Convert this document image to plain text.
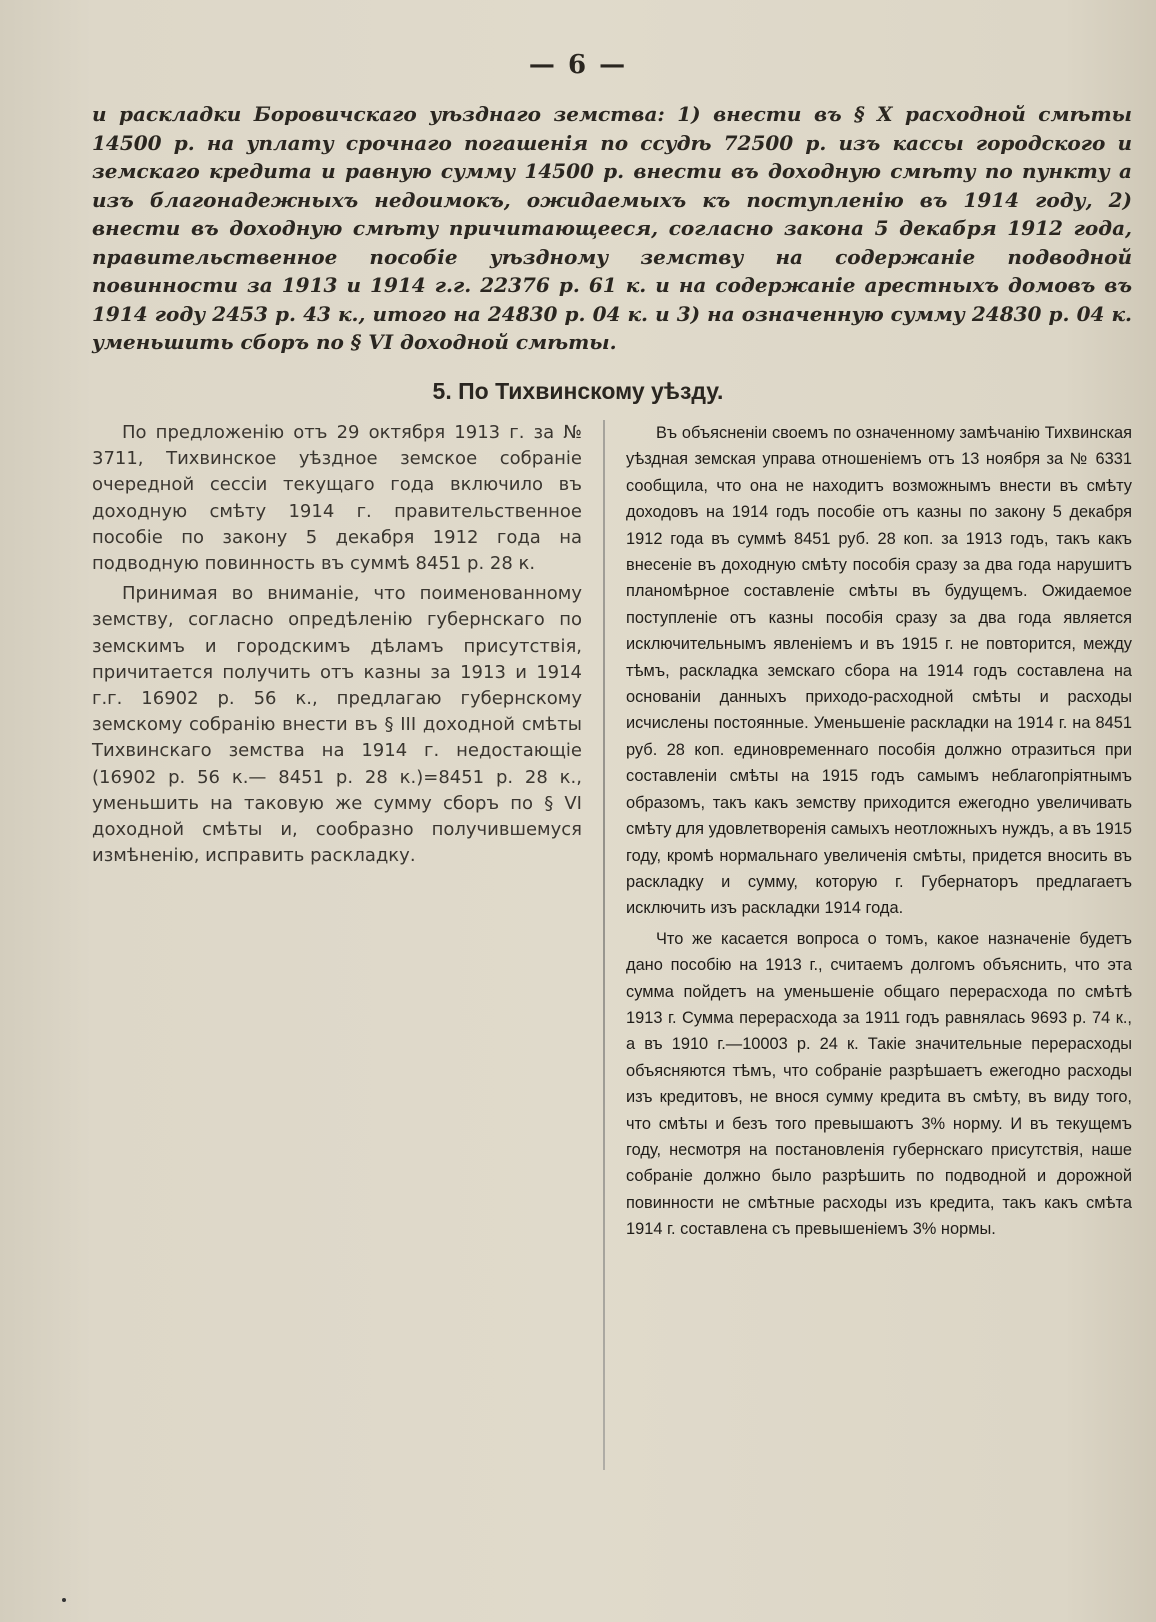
— 6 —

и раскладки Боровичскаго уѣзднаго земства: 1) внести въ § X расходной смѣты 14500 р. на уплату срочнаго погашенія по ссудѣ 72500 р. изъ кассы городского и земскаго кредита и равную сумму 14500 р. внести въ доходную смѣту по пункту а изъ благонадежныхъ недоимокъ, ожидаемыхъ къ поступленію въ 1914 году, 2) внести въ доходную смѣту причитающееся, согласно закона 5 декабря 1912 года, правительственное пособіе уѣздному земству на содержаніе подводной повинности за 1913 и 1914 г.г. 22376 р. 61 к. и на содержаніе арестныхъ домовъ въ 1914 году 2453 р. 43 к., итого на 24830 р. 04 к. и 3) на означенную сумму 24830 р. 04 к. уменьшить сборъ по § VI доходной смѣты.

5. По Тихвинскому уѣзду.

По предложенію отъ 29 октября 1913 г. за № 3711, Тихвинское уѣздное земское собраніе очередной сессіи текущаго года включило въ доходную смѣту 1914 г. правительственное пособіе по закону 5 декабря 1912 года на подводную повинность въ суммѣ 8451 р. 28 к.

Принимая во вниманіе, что поименованному земству, согласно опредѣленію губернскаго по земскимъ и городскимъ дѣламъ присутствія, причитается получить отъ казны за 1913 и 1914 г.г. 16902 р. 56 к., предлагаю губернскому земскому собранію внести въ § III доходной смѣты Тихвинскаго земства на 1914 г. недостающіе (16902 р. 56 к.— 8451 р. 28 к.)=8451 р. 28 к., уменьшить на таковую же сумму сборъ по § VI доходной смѣты и, сообразно получившемуся измѣненію, исправить раскладку.

Въ объясненіи своемъ по означенному замѣчанію Тихвинская уѣздная земская управа отношеніемъ отъ 13 ноября за № 6331 сообщила, что она не находитъ возможнымъ внести въ смѣту доходовъ на 1914 годъ пособіе отъ казны по закону 5 декабря 1912 года въ суммѣ 8451 руб. 28 коп. за 1913 годъ, такъ какъ внесеніе въ доходную смѣту пособія сразу за два года нарушитъ планомѣрное составленіе смѣты въ будущемъ. Ожидаемое поступленіе отъ казны пособія сразу за два года является исключительнымъ явленіемъ и въ 1915 г. не повторится, между тѣмъ, раскладка земскаго сбора на 1914 годъ составлена на основаніи данныхъ приходо-расходной смѣты и расходы исчислены постоянные. Уменьшеніе раскладки на 1914 г. на 8451 руб. 28 коп. единовременнаго пособія должно отразиться при составленіи смѣты на 1915 годъ самымъ неблагопріятнымъ образомъ, такъ какъ земству приходится ежегодно увеличивать смѣту для удовлетворенія самыхъ неотложныхъ нуждъ, а въ 1915 году, кромѣ нормальнаго увеличенія смѣты, придется вносить въ раскладку и сумму, которую г. Губернаторъ предлагаетъ исключить изъ раскладки 1914 года.

Что же касается вопроса о томъ, какое назначеніе будетъ дано пособію на 1913 г., считаемъ долгомъ объяснить, что эта сумма пойдетъ на уменьшеніе общаго перерасхода по смѣтѣ 1913 г. Сумма перерасхода за 1911 годъ равнялась 9693 р. 74 к., а въ 1910 г.—10003 р. 24 к. Такіе значительные перерасходы объясняются тѣмъ, что собраніе разрѣшаетъ ежегодно расходы изъ кредитовъ, не внося сумму кредита въ смѣту, въ виду того, что смѣты и безъ того превышаютъ 3% норму. И въ текущемъ году, несмотря на постановленія губернскаго присутствія, наше собраніе должно было разрѣшить по подводной и дорожной повинности не смѣтные расходы изъ кредита, такъ какъ смѣта 1914 г. составлена съ превышеніемъ 3% нормы.
